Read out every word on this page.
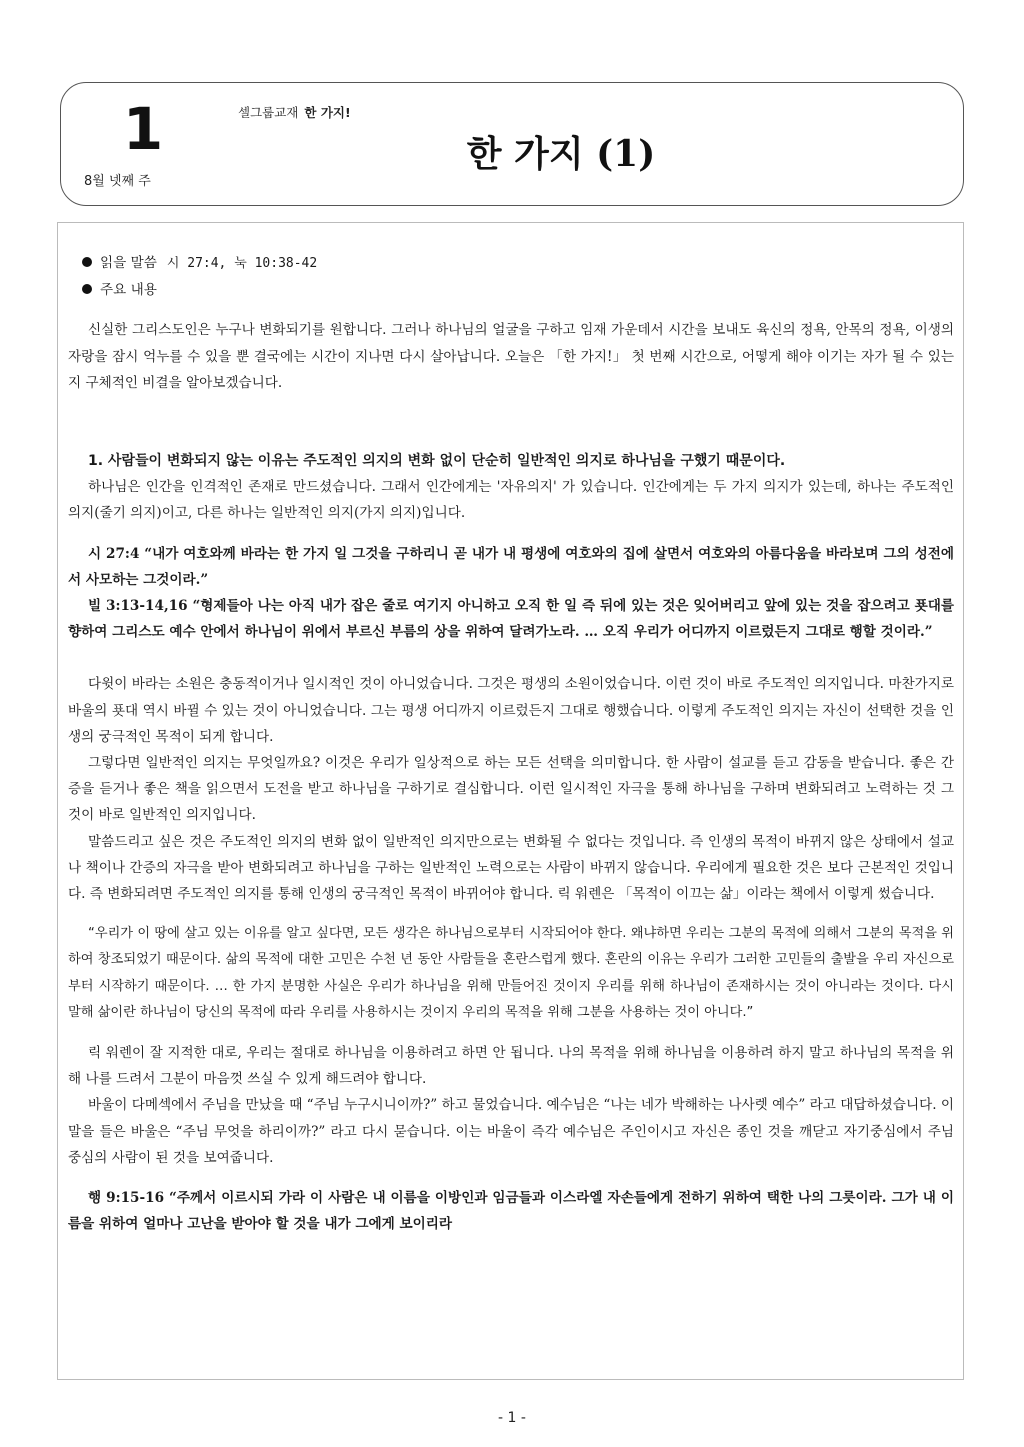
1
8월 넷째 주
셀그룹교재 한 가지!
한 가지 (1)
읽을 말씀 시 27:4, 눅 10:38-42
주요 내용

신실한 그리스도인은 누구나 변화되기를 원합니다. 그러나 하나님의 얼굴을 구하고 임재 가운데서 시간을 보내도 육신의 정욕, 안목의 정욕, 이생의 자랑을 잠시 억누를 수 있을 뿐 결국에는 시간이 지나면 다시 살아납니다. 오늘은 「한 가지!」 첫 번째 시간으로, 어떻게 해야 이기는 자가 될 수 있는지 구체적인 비결을 알아보겠습니다.

1. 사람들이 변화되지 않는 이유는 주도적인 의지의 변화 없이 단순히 일반적인 의지로 하나님을 구했기 때문이다.

하나님은 인간을 인격적인 존재로 만드셨습니다. 그래서 인간에게는 '자유의지' 가 있습니다. 인간에게는 두 가지 의지가 있는데, 하나는 주도적인 의지(줄기 의지)이고, 다른 하나는 일반적인 의지(가지 의지)입니다.

시 27:4 “내가 여호와께 바라는 한 가지 일 그것을 구하리니 곧 내가 내 평생에 여호와의 집에 살면서 여호와의 아름다움을 바라보며 그의 성전에서 사모하는 그것이라.”

빌 3:13-14,16 “형제들아 나는 아직 내가 잡은 줄로 여기지 아니하고 오직 한 일 즉 뒤에 있는 것은 잊어버리고 앞에 있는 것을 잡으려고 푯대를 향하여 그리스도 예수 안에서 하나님이 위에서 부르신 부름의 상을 위하여 달려가노라. … 오직 우리가 어디까지 이르렀든지 그대로 행할 것이라.”

다윗이 바라는 소원은 충동적이거나 일시적인 것이 아니었습니다. 그것은 평생의 소원이었습니다. 이런 것이 바로 주도적인 의지입니다. 마찬가지로 바울의 푯대 역시 바뀔 수 있는 것이 아니었습니다. 그는 평생 어디까지 이르렀든지 그대로 행했습니다. 이렇게 주도적인 의지는 자신이 선택한 것을 인생의 궁극적인 목적이 되게 합니다.

그렇다면 일반적인 의지는 무엇일까요? 이것은 우리가 일상적으로 하는 모든 선택을 의미합니다. 한 사람이 설교를 듣고 감동을 받습니다. 좋은 간증을 듣거나 좋은 책을 읽으면서 도전을 받고 하나님을 구하기로 결심합니다. 이런 일시적인 자극을 통해 하나님을 구하며 변화되려고 노력하는 것 그것이 바로 일반적인 의지입니다.

말씀드리고 싶은 것은 주도적인 의지의 변화 없이 일반적인 의지만으로는 변화될 수 없다는 것입니다. 즉 인생의 목적이 바뀌지 않은 상태에서 설교나 책이나 간증의 자극을 받아 변화되려고 하나님을 구하는 일반적인 노력으로는 사람이 바뀌지 않습니다. 우리에게 필요한 것은 보다 근본적인 것입니다. 즉 변화되려면 주도적인 의지를 통해 인생의 궁극적인 목적이 바뀌어야 합니다. 릭 워렌은 「목적이 이끄는 삶」이라는 책에서 이렇게 썼습니다.

“우리가 이 땅에 살고 있는 이유를 알고 싶다면, 모든 생각은 하나님으로부터 시작되어야 한다. 왜냐하면 우리는 그분의 목적에 의해서 그분의 목적을 위하여 창조되었기 때문이다. 삶의 목적에 대한 고민은 수천 년 동안 사람들을 혼란스럽게 했다. 혼란의 이유는 우리가 그러한 고민들의 출발을 우리 자신으로부터 시작하기 때문이다. … 한 가지 분명한 사실은 우리가 하나님을 위해 만들어진 것이지 우리를 위해 하나님이 존재하시는 것이 아니라는 것이다. 다시 말해 삶이란 하나님이 당신의 목적에 따라 우리를 사용하시는 것이지 우리의 목적을 위해 그분을 사용하는 것이 아니다.”

릭 워렌이 잘 지적한 대로, 우리는 절대로 하나님을 이용하려고 하면 안 됩니다. 나의 목적을 위해 하나님을 이용하려 하지 말고 하나님의 목적을 위해 나를 드려서 그분이 마음껏 쓰실 수 있게 해드려야 합니다.

바울이 다메섹에서 주님을 만났을 때 “주님 누구시니이까?” 하고 물었습니다. 예수님은 “나는 네가 박해하는 나사렛 예수” 라고 대답하셨습니다. 이 말을 들은 바울은 “주님 무엇을 하리이까?” 라고 다시 묻습니다. 이는 바울이 즉각 예수님은 주인이시고 자신은 종인 것을 깨닫고 자기중심에서 주님 중심의 사람이 된 것을 보여줍니다.

행 9:15-16 “주께서 이르시되 가라 이 사람은 내 이름을 이방인과 임금들과 이스라엘 자손들에게 전하기 위하여 택한 나의 그릇이라. 그가 내 이름을 위하여 얼마나 고난을 받아야 할 것을 내가 그에게 보이리라

- 1 -
